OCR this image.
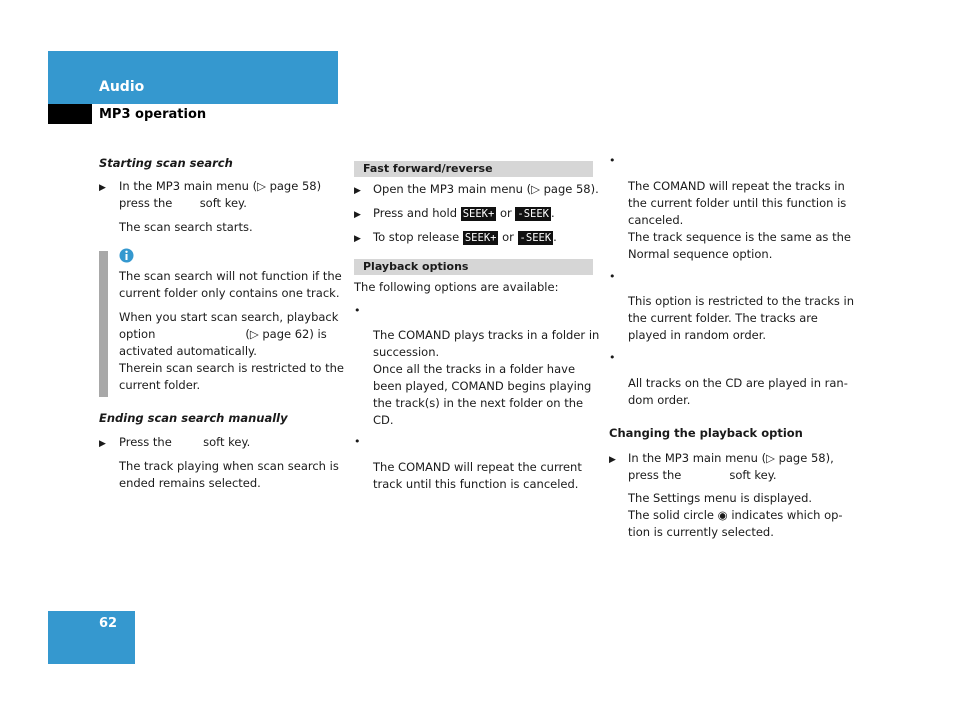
Audio
MP3 operation
Starting scan search
▶ In the MP3 main menu (▷ page 58)
press the soft key.
The scan search starts.
The scan search will not function if the
current folder only contains one track.
When you start scan search, playback
option	(▷ page 62) is
activated automatically.
Therein scan search is restricted to the
current folder.
Ending scan search manually
▶ Press the	soft key.
The track playing when scan search is
ended remains selected.
Fast forward/reverse
▶ Open the MP3 main menu (▷ page 58).
▶ Press and hold SEEK+ or -SEEK .
▶ To stop release SEEK+ or -SEEK .
Playback options
The following options are available:
•
The COMAND plays tracks in a folder in
succession.
Once all the tracks in a folder have
been played, COMAND begins playing
the track(s) in the next folder on the
CD.
•
The COMAND will repeat the current
track until this function is canceled.
•
The COMAND will repeat the tracks in
the current folder until this function is
canceled.
The track sequence is the same as the
Normal sequence option.
•
This option is restricted to the tracks in
the current folder. The tracks are
played in random order.
•
All tracks on the CD are played in ran-
dom order.
Changing the playback option
▶ In the MP3 main menu (▷ page 58),
press the	soft key.
The Settings menu is displayed.
The solid circle ◉ indicates which op-
tion is currently selected.
62
